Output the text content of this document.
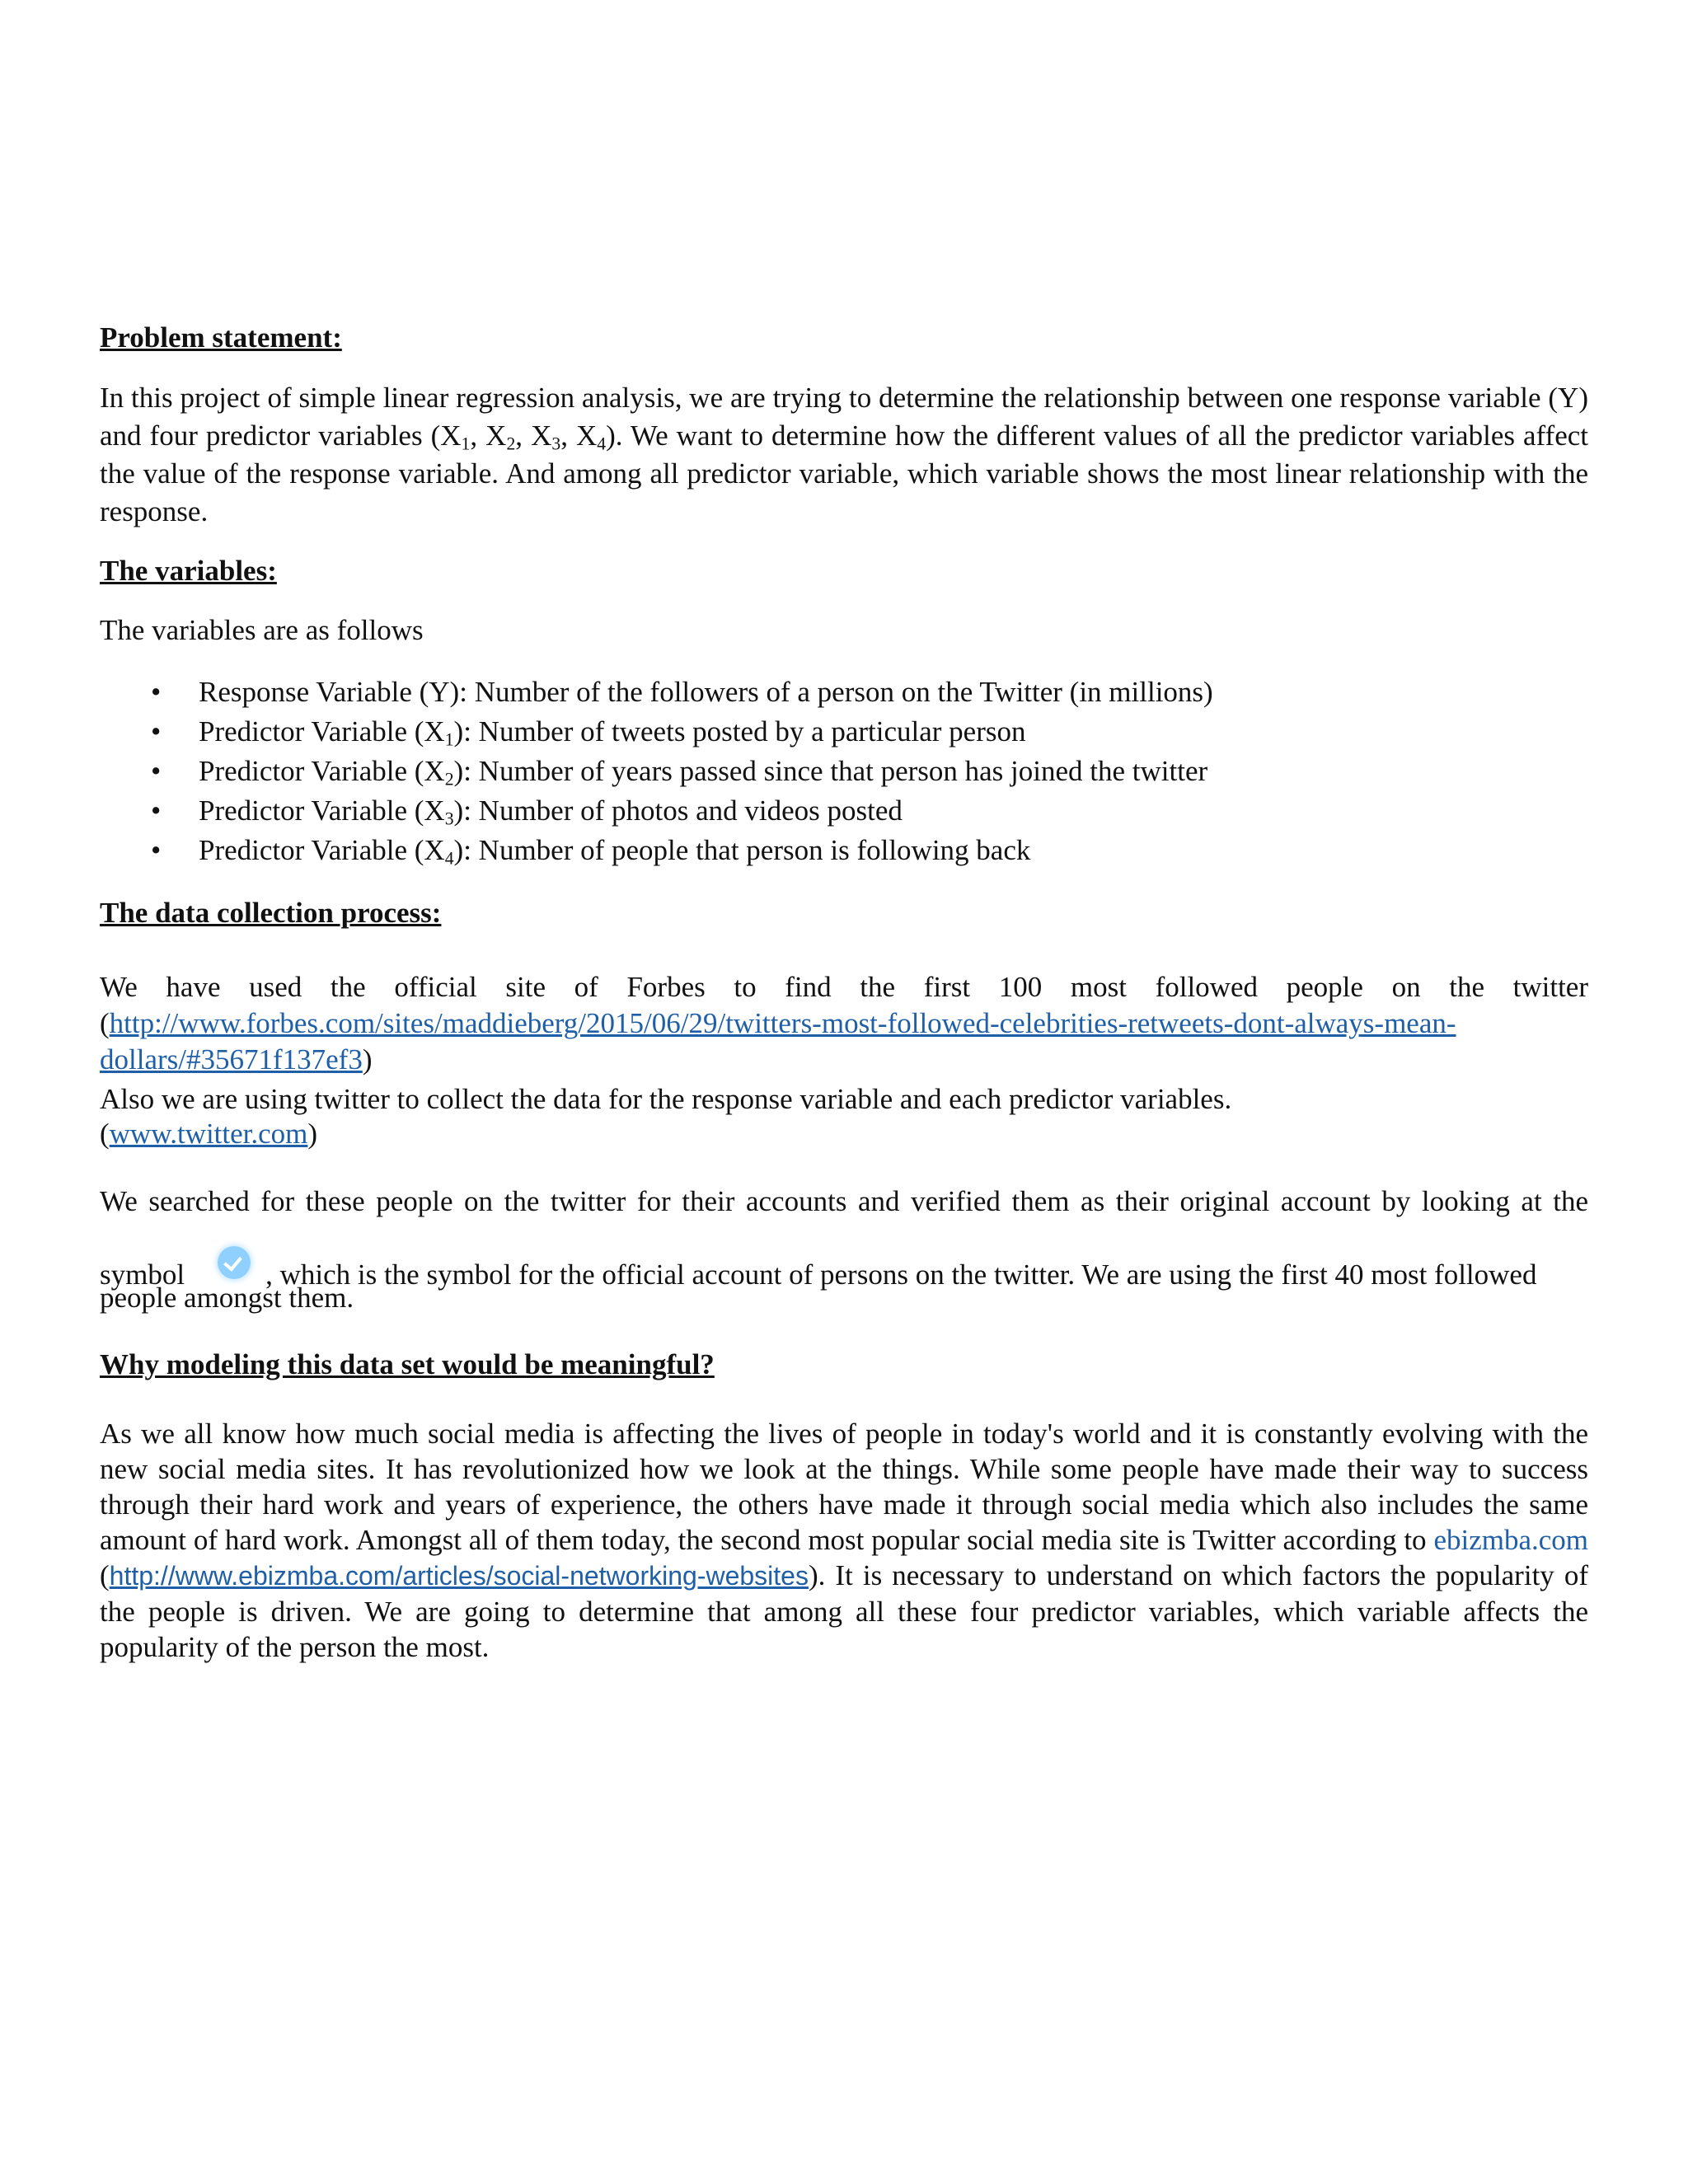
Problem statement:
In this project of simple linear regression analysis, we are trying to determine the relationship between one response variable (Y) and four predictor variables ($X_1$, $X_2$, $X_3$, $X_4$). We want to determine how the different values of all the predictor variables affect the value of the response variable. And among all predictor variable, which variable shows the most linear relationship with the response.
The variables:
The variables are as follows
• Response Variable (Y): Number of the followers of a person on the Twitter (in millions)
• Predictor Variable $(X_1)$: Number of tweets posted by a particular person
• Predictor Variable $(X_2)$: Number of years passed since that person has joined the twitter
• Predictor Variable $(X_3)$: Number of photos and videos posted
• Predictor Variable $(X_4)$: Number of people that person is following back
The data collection process:
We have used the official site of Forbes to find the first 100 most followed people on the twitter
(http://www.forbes.com/sites/maddieberg/2015/06/29/twitters-most-followed-celebrities-retweets-dont-always-mean-
dollars/#35671f137ef3)
Also we are using twitter to collect the data for the response variable and each predictor variables.
(www.twitter.com)
We searched for these people on the twitter for their accounts and verified them as their original account by looking at the
symbol	, which is the symbol for the official account of persons on the twitter. We are using the first 40 most followed
people amongst them.
Why modeling this data set would be meaningful?
As we all know how much social media is affecting the lives of people in today's world and it is constantly evolving with the new social media sites. It has revolutionized how we look at the things. While some people have made their way to success through their hard work and years of experience, the others have made it through social media which also includes the same amount of hard work. Amongst all of them today, the second most popular social media site is Twitter according to ebizmba.com (http://www.ebizmba.com/articles/social-networking-websites). It is necessary to understand on which factors the popularity of the people is driven. We are going to determine that among all these four predictor variables, which variable affects the popularity of the person the most.
